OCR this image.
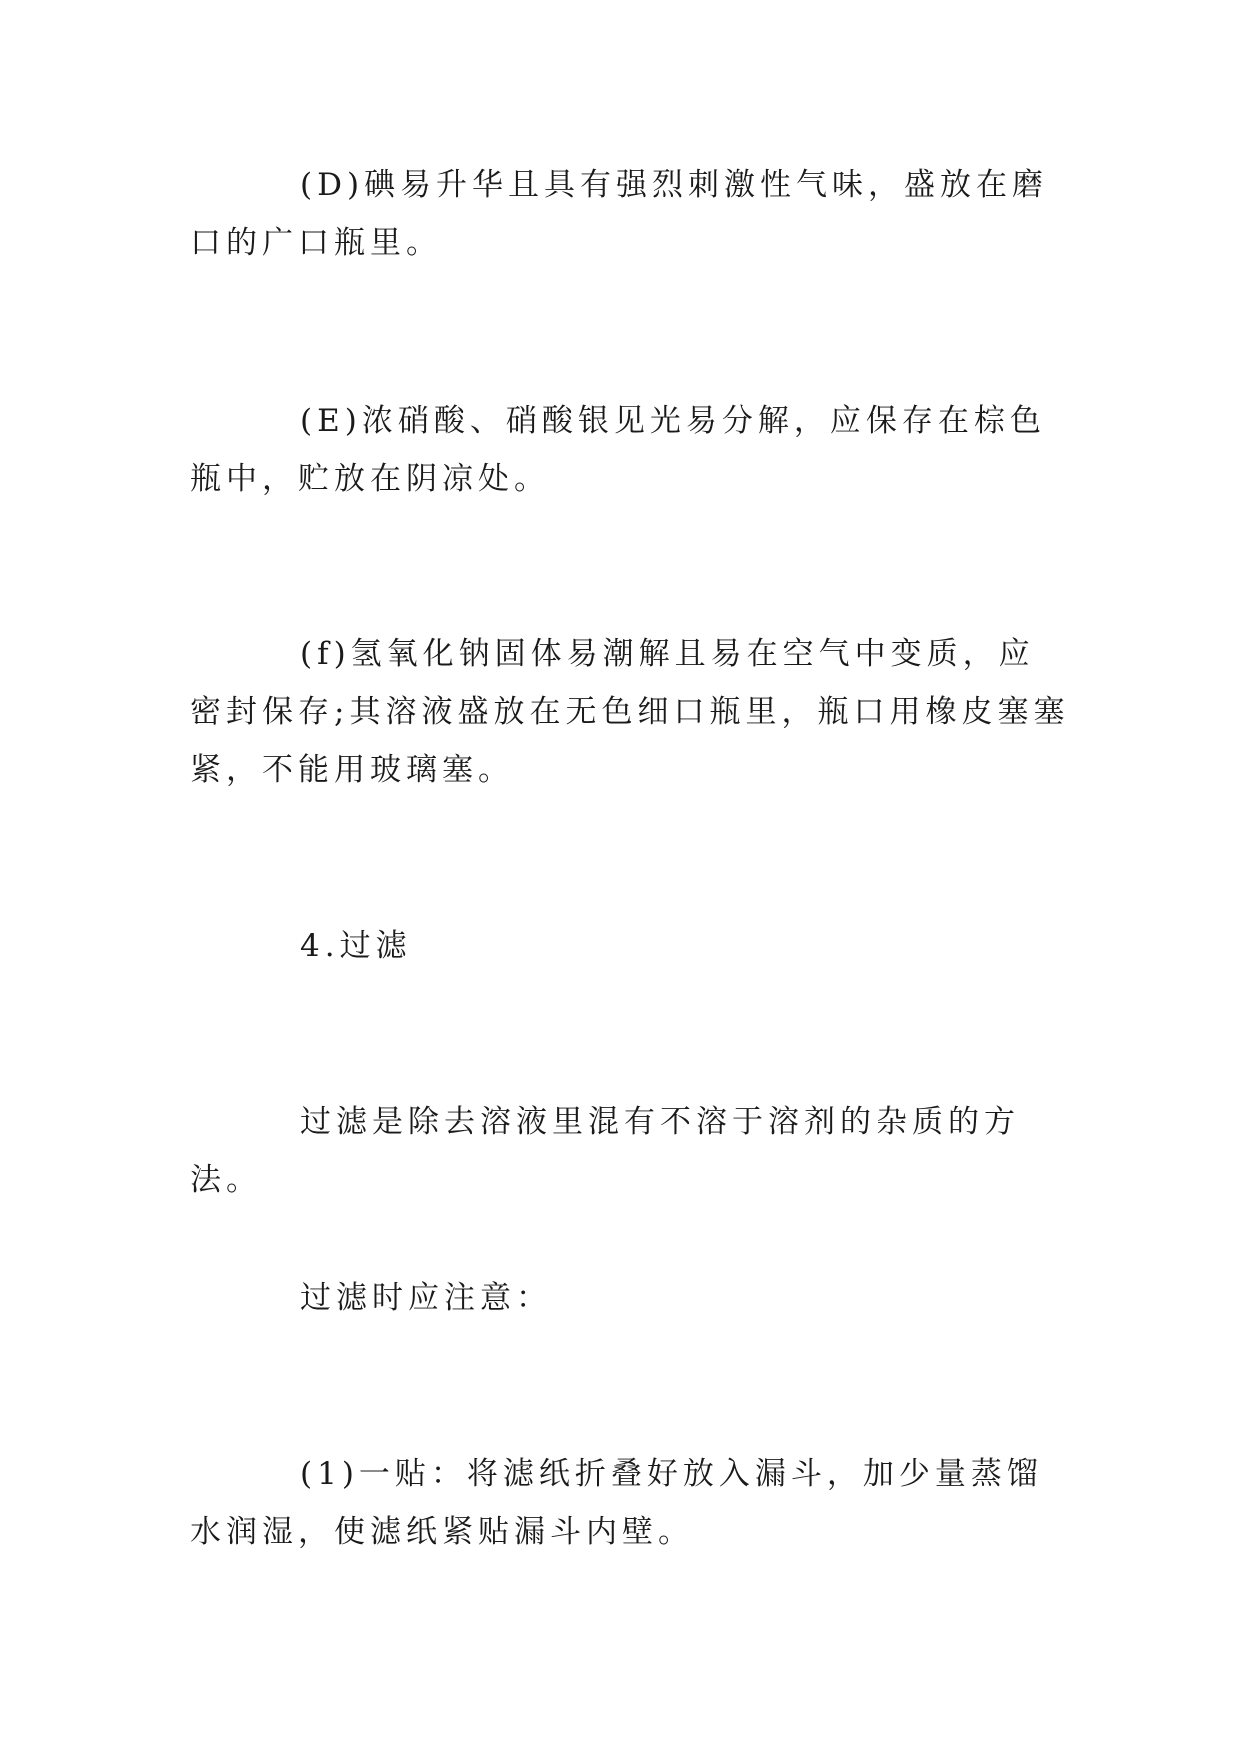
(D)碘易升华且具有强烈刺激性气味，盛放在磨口的广口瓶里。

(E)浓硝酸、硝酸银见光易分解，应保存在棕色瓶中，贮放在阴凉处。

(f)氢氧化钠固体易潮解且易在空气中变质，应密封保存;其溶液盛放在无色细口瓶里，瓶口用橡皮塞塞紧，不能用玻璃塞。

4.过滤

过滤是除去溶液里混有不溶于溶剂的杂质的方法。

过滤时应注意：

(1)一贴：将滤纸折叠好放入漏斗，加少量蒸馏水润湿，使滤纸紧贴漏斗内壁。
